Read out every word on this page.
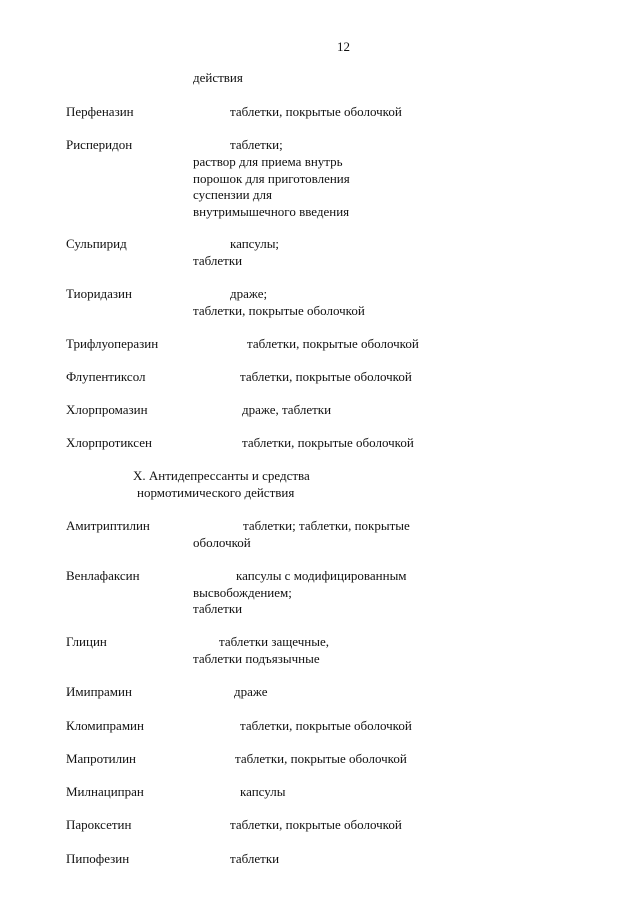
12
действия
Перфеназин	таблетки, покрытые оболочкой
Рисперидон	таблетки;
раствор для приема внутрь
порошок для приготовления
суспензии для
внутримышечного введения
Сульпирид	капсулы;
таблетки
Тиоридазин	драже;
таблетки, покрытые оболочкой
Трифлуоперазин	таблетки, покрытые оболочкой
Флупентиксол	таблетки, покрытые оболочкой
Хлорпромазин	драже, таблетки
Хлорпротиксен	таблетки, покрытые оболочкой
X. Антидепрессанты и средства
нормотимического действия
Амитриптилин	таблетки; таблетки, покрытые
оболочкой
Венлафаксин	капсулы с модифицированным
высвобождением;
таблетки
Глицин	таблетки защечные,
таблетки подъязычные
Имипрамин	драже
Кломипрамин	таблетки, покрытые оболочкой
Мапротилин	таблетки, покрытые оболочкой
Милнаципран	капсулы
Пароксетин	таблетки, покрытые оболочкой
Пипофезин	таблетки
